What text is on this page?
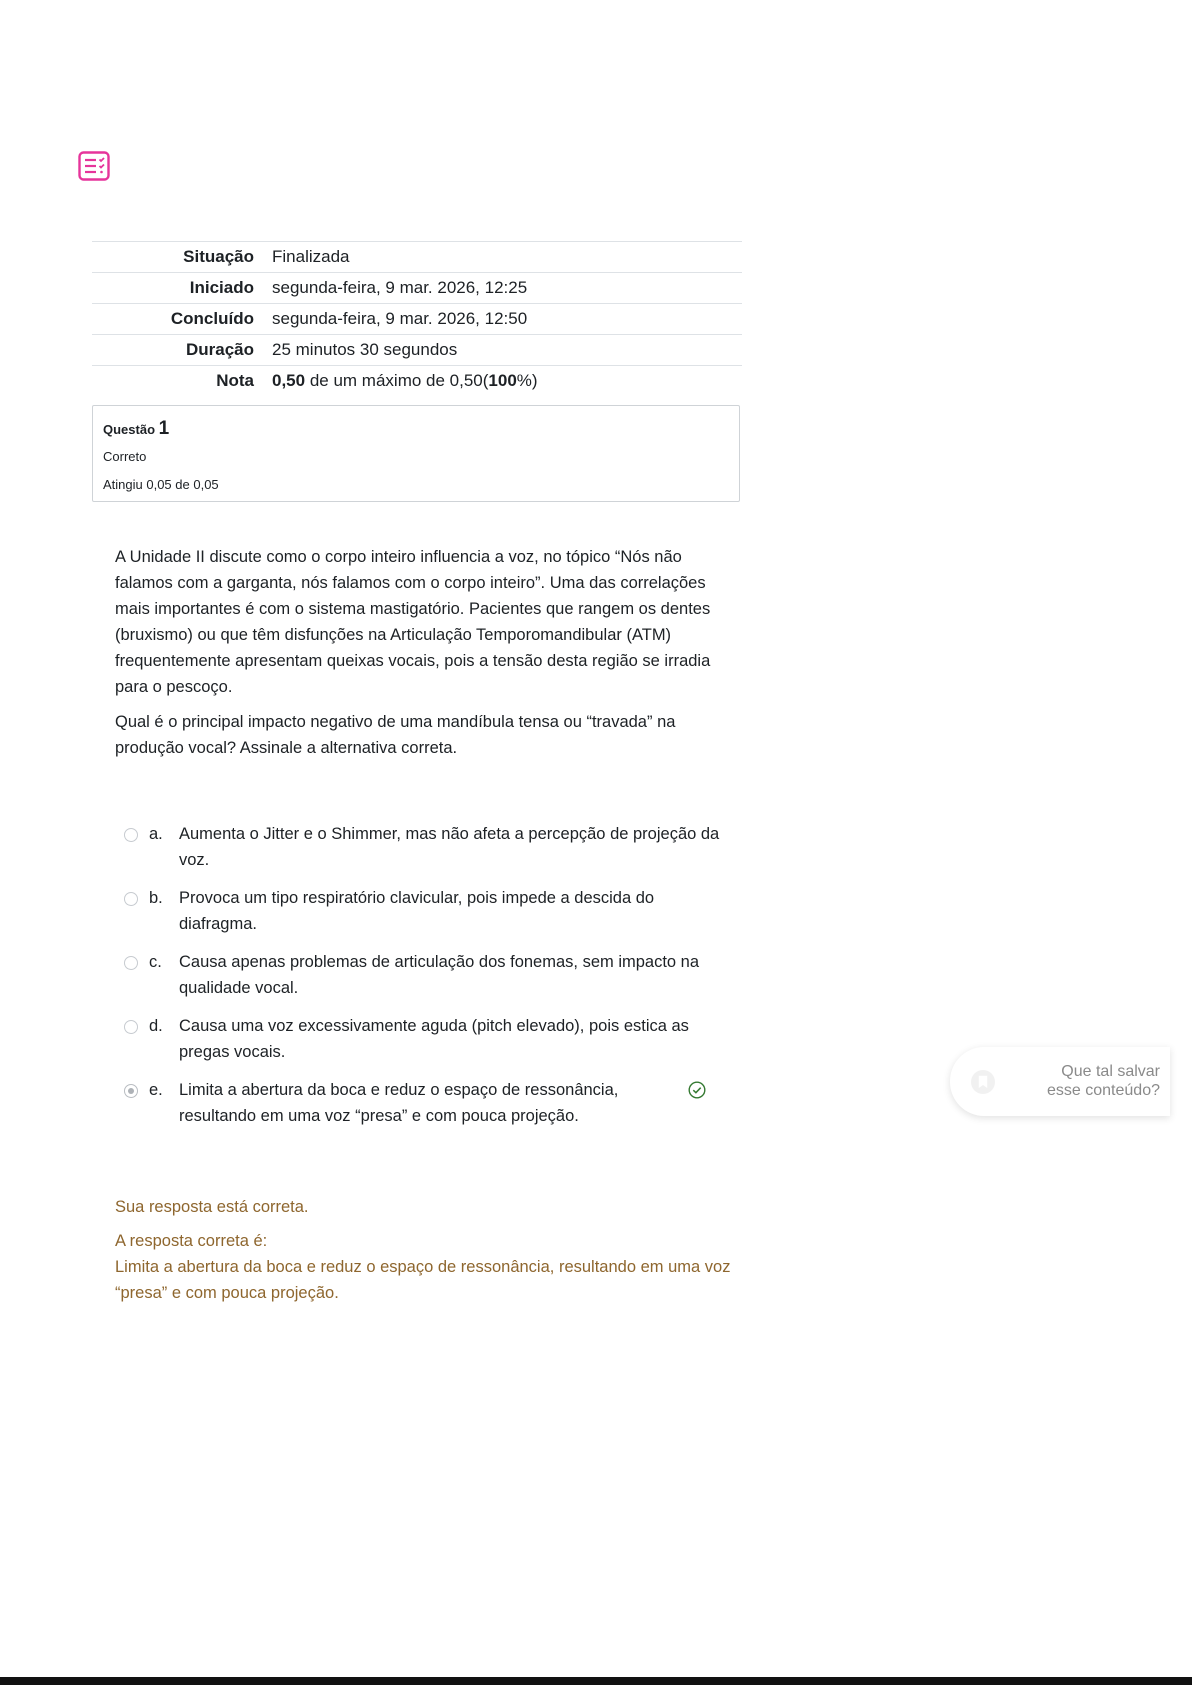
Situação	Finalizada
Iniciado	segunda-feira, 9 mar. 2026, 12:25
Concluído	segunda-feira, 9 mar. 2026, 12:50
Duração	25 minutos 30 segundos
Nota	0,50 de um máximo de 0,50(100%)
Questão 1
Correto
Atingiu 0,05 de 0,05

A Unidade II discute como o corpo inteiro influencia a voz, no tópico “Nós não falamos com a garganta, nós falamos com o corpo inteiro”. Uma das correlações mais importantes é com o sistema mastigatório. Pacientes que rangem os dentes (bruxismo) ou que têm disfunções na Articulação Temporomandibular (ATM) frequentemente apresentam queixas vocais, pois a tensão desta região se irradia para o pescoço.

Qual é o principal impacto negativo de uma mandíbula tensa ou “travada” na produção vocal? Assinale a alternativa correta.

a. Aumenta o Jitter e o Shimmer, mas não afeta a percepção de projeção da voz.
b. Provoca um tipo respiratório clavicular, pois impede a descida do diafragma.
c. Causa apenas problemas de articulação dos fonemas, sem impacto na qualidade vocal.
d. Causa uma voz excessivamente aguda (pitch elevado), pois estica as pregas vocais.
e. Limita a abertura da boca e reduz o espaço de ressonância, resultando em uma voz “presa” e com pouca projeção.
Sua resposta está correta.
A resposta correta é:
Limita a abertura da boca e reduz o espaço de ressonância, resultando em uma voz “presa” e com pouca projeção.
Que tal salvar
esse conteúdo?
